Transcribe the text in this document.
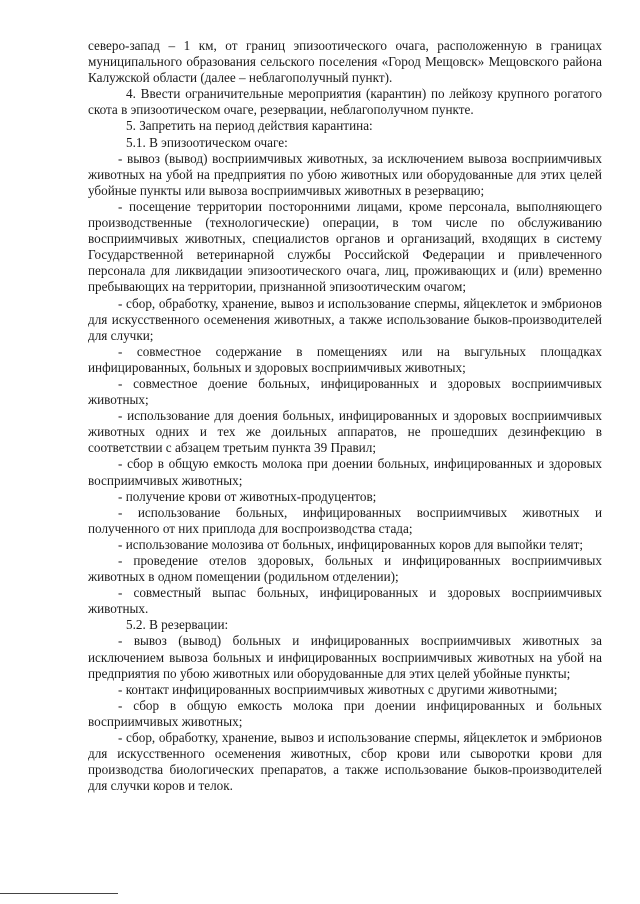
северо-запад – 1 км, от границ эпизоотического очага, расположенную в границах муниципального образования сельского поселения «Город Мещовск» Мещовского района Калужской области (далее – неблагополучный пункт).

4. Ввести ограничительные мероприятия (карантин) по лейкозу крупного рогатого скота в эпизоотическом очаге, резервации, неблагополучном пункте.

5. Запретить на период действия карантина:

5.1. В эпизоотическом очаге:

- вывоз (вывод) восприимчивых животных, за исключением вывоза восприимчивых животных на убой на предприятия по убою животных или оборудованные для этих целей убойные пункты или вывоза восприимчивых животных в резервацию;

- посещение территории посторонними лицами, кроме персонала, выполняющего производственные (технологические) операции, в том числе по обслуживанию восприимчивых животных, специалистов органов и организаций, входящих в систему Государственной ветеринарной службы Российской Федерации и привлеченного персонала для ликвидации эпизоотического очага, лиц, проживающих и (или) временно пребывающих на территории, признанной эпизоотическим очагом;

- сбор, обработку, хранение, вывоз и использование спермы, яйцеклеток и эмбрионов для искусственного осеменения животных, а также использование быков-производителей для случки;

- совместное содержание в помещениях или на выгульных площадках инфицированных, больных и здоровых восприимчивых животных;

- совместное доение больных, инфицированных и здоровых восприимчивых животных;

- использование для доения больных, инфицированных и здоровых восприимчивых животных одних и тех же доильных аппаратов, не прошедших дезинфекцию в соответствии с абзацем третьим пункта 39 Правил;

- сбор в общую емкость молока при доении больных, инфицированных и здоровых восприимчивых животных;

- получение крови от животных-продуцентов;

- использование больных, инфицированных восприимчивых животных и полученного от них приплода для воспроизводства стада;

- использование молозива от больных, инфицированных коров для выпойки телят;

- проведение отелов здоровых, больных и инфицированных восприимчивых животных в одном помещении (родильном отделении);

- совместный выпас больных, инфицированных и здоровых восприимчивых животных.

5.2. В резервации:

- вывоз (вывод) больных и инфицированных восприимчивых животных за исключением вывоза больных и инфицированных восприимчивых животных на убой на предприятия по убою животных или оборудованные для этих целей убойные пункты;

- контакт инфицированных восприимчивых животных с другими животными;

- сбор в общую емкость молока при доении инфицированных и больных восприимчивых животных;

- сбор, обработку, хранение, вывоз и использование спермы, яйцеклеток и эмбрионов для искусственного осеменения животных, сбор крови или сыворотки крови для производства биологических препаратов, а также использование быков-производителей для случки коров и телок.
